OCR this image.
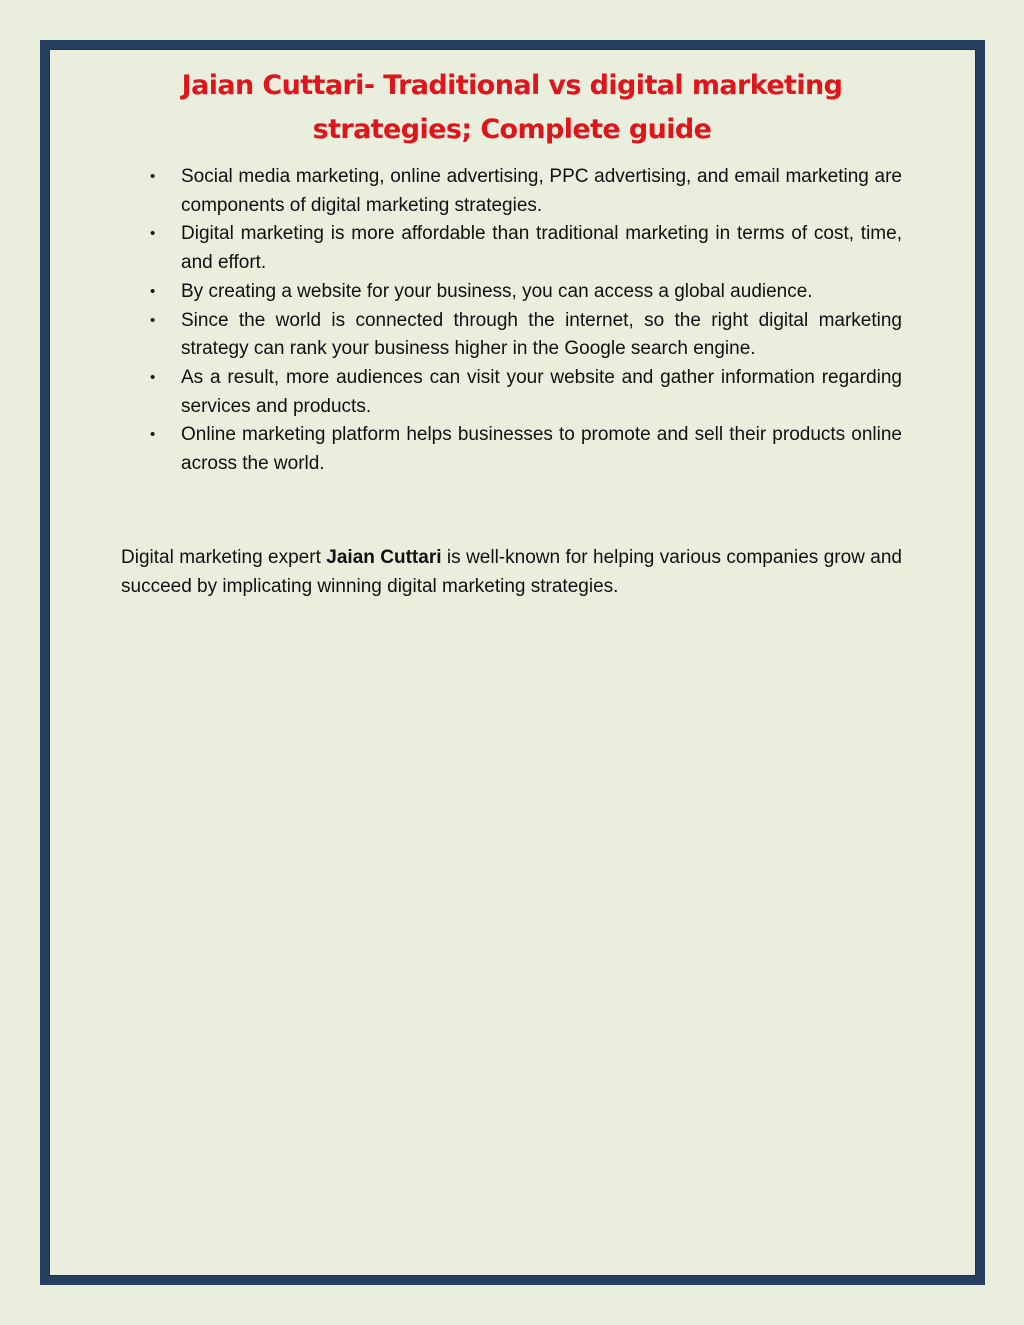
Jaian Cuttari- Traditional vs digital marketing strategies; Complete guide
• Social media marketing, online advertising, PPC advertising, and email marketing are components of digital marketing strategies.
• Digital marketing is more affordable than traditional marketing in terms of cost, time, and effort.
• By creating a website for your business, you can access a global audience.
• Since the world is connected through the internet, so the right digital marketing strategy can rank your business higher in the Google search engine.
• As a result, more audiences can visit your website and gather information regarding services and products.
• Online marketing platform helps businesses to promote and sell their products online across the world.

Digital marketing expert Jaian Cuttari is well-known for helping various companies grow and succeed by implicating winning digital marketing strategies.
